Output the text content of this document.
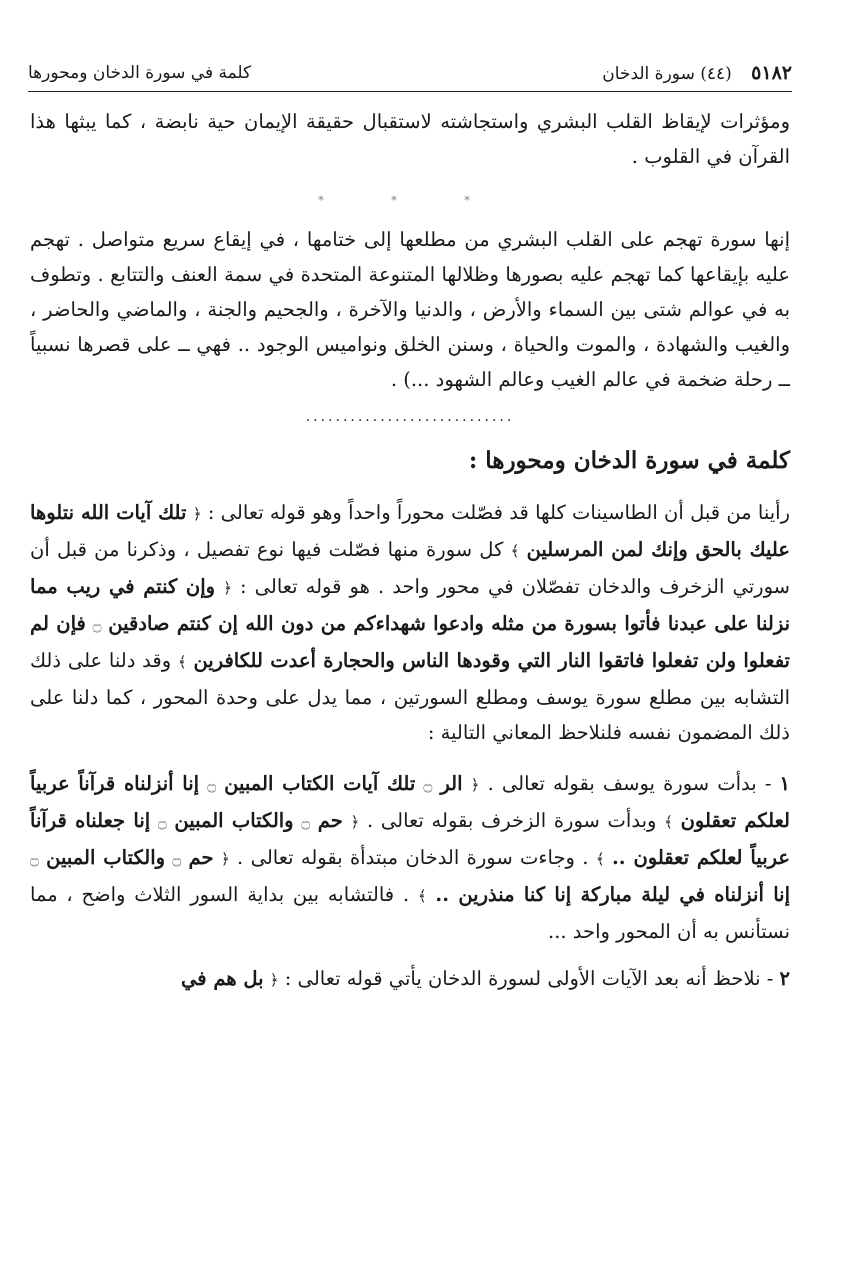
٥١٨٢ (٤٤) سورة الدخان
كلمة في سورة الدخان ومحورها

ومؤثرات لإيقاظ القلب البشري واستجاشته لاستقبال حقيقة الإيمان حية نابضة ، كما يبثها هذا القرآن في القلوب .

* * *

إنها سورة تهجم على القلب البشري من مطلعها إلى ختامها ، في إيقاع سريع متواصل . تهجم عليه بإيقاعها كما تهجم عليه بصورها وظلالها المتنوعة المتحدة في سمة العنف والتتابع . وتطوف به في عوالم شتى بين السماء والأرض ، والدنيا والآخرة ، والجحيم والجنة ، والماضي والحاضر ، والغيب والشهادة ، والموت والحياة ، وسنن الخلق ونواميس الوجود .. فهي ــ على قصرها نسبياً ــ رحلة ضخمة في عالم الغيب وعالم الشهود ...) .

............................
كلمة في سورة الدخان ومحورها :

رأينا من قبل أن الطاسينات كلها قد فصّلت محوراً واحداً وهو قوله تعالى : ﴿ تلك آيات الله نتلوها عليك بالحق وإنك لمن المرسلين ﴾ كل سورة منها فصّلت فيها نوع تفصيل ، وذكرنا من قبل أن سورتي الزخرف والدخان تفصّلان في محور واحد . هو قوله تعالى : ﴿ وإن كنتم في ريب مما نزلنا على عبدنا فأتوا بسورة من مثله وادعوا شهداءكم من دون الله إن كنتم صادقين ۝ فإن لم تفعلوا ولن تفعلوا فاتقوا النار التي وقودها الناس والحجارة أعدت للكافرين ﴾ وقد دلنا على ذلك التشابه بين مطلع سورة يوسف ومطلع السورتين ، مما يدل على وحدة المحور ، كما دلنا على ذلك المضمون نفسه فلنلاحظ المعاني التالية :

١ - بدأت سورة يوسف بقوله تعالى . ﴿ الر ۝ تلك آيات الكتاب المبين ۝ إنا أنزلناه قرآناً عربياً لعلكم تعقلون ﴾ وبدأت سورة الزخرف بقوله تعالى . ﴿ حم ۝ والكتاب المبين ۝ إنا جعلناه قرآناً عربياً لعلكم تعقلون .. ﴾ . وجاءت سورة الدخان مبتدأة بقوله تعالى . ﴿ حم ۝ والكتاب المبين ۝ إنا أنزلناه في ليلة مباركة إنا كنا منذرين .. ﴾ . فالتشابه بين بداية السور الثلاث واضح ، مما نستأنس به أن المحور واحد ...

٢ - نلاحظ أنه بعد الآيات الأولى لسورة الدخان يأتي قوله تعالى : ﴿ بل هم في
